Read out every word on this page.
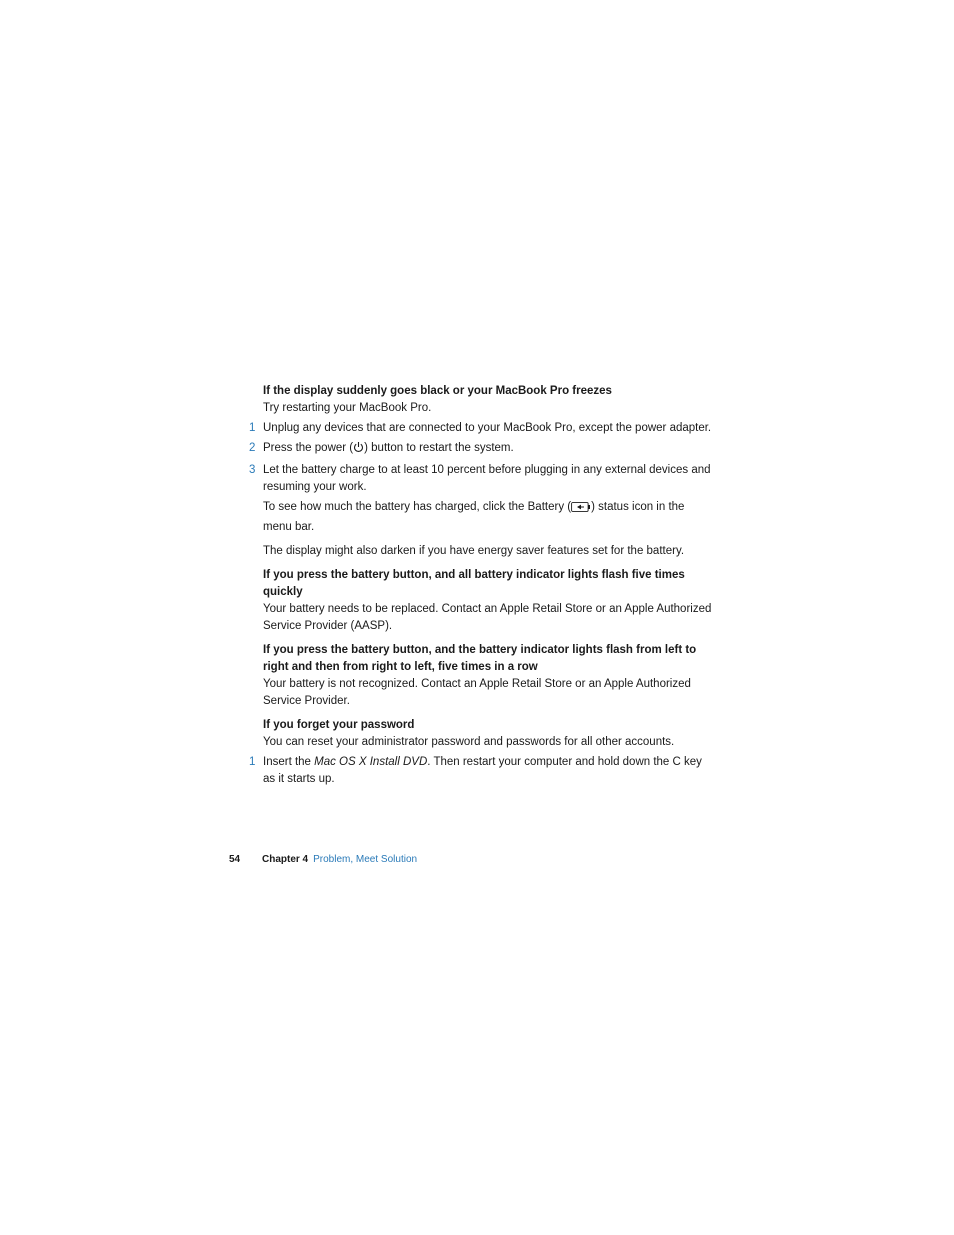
If the display suddenly goes black or your MacBook Pro freezes

Try restarting your MacBook Pro.

1 Unplug any devices that are connected to your MacBook Pro, except the power adapter.
2 Press the power ( ) button to restart the system.
3 Let the battery charge to at least 10 percent before plugging in any external devices and resuming your work.

To see how much the battery has charged, click the Battery ( ) status icon in the menu bar.

The display might also darken if you have energy saver features set for the battery.

If you press the battery button, and all battery indicator lights flash five times quickly

Your battery needs to be replaced. Contact an Apple Retail Store or an Apple Authorized Service Provider (AASP).

If you press the battery button, and the battery indicator lights flash from left to right and then from right to left, five times in a row

Your battery is not recognized. Contact an Apple Retail Store or an Apple Authorized Service Provider.

If you forget your password

You can reset your administrator password and passwords for all other accounts.

1 Insert the Mac OS X Install DVD. Then restart your computer and hold down the C key as it starts up.
54 Chapter 4 Problem, Meet Solution
